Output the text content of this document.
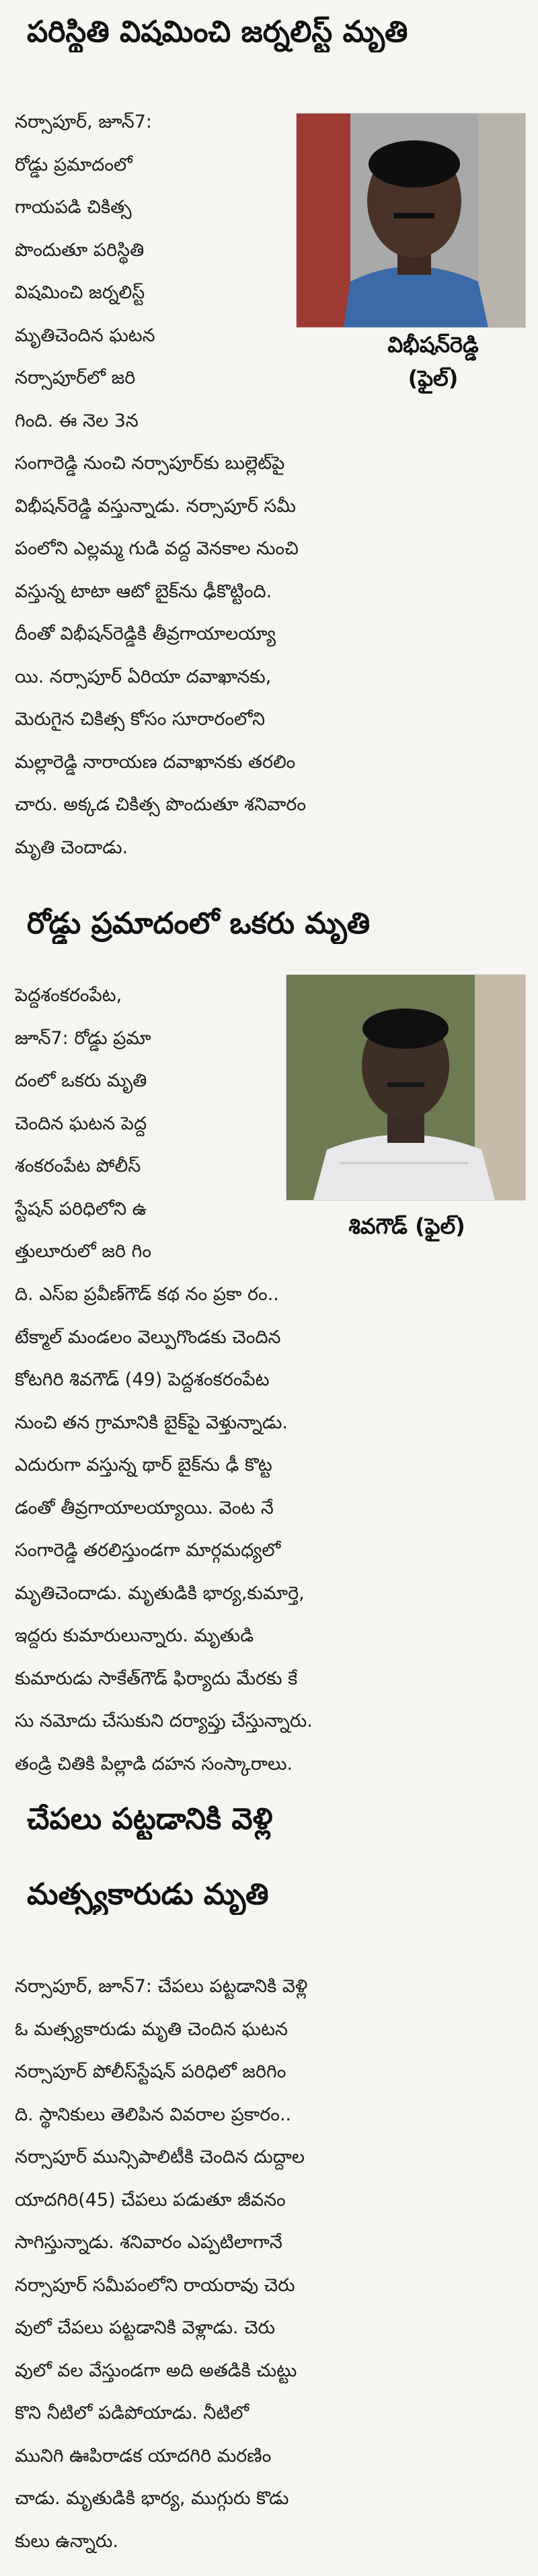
పరిస్థితి విషమించి జర్నలిస్ట్ మృతి
విభీషన్‌రెడ్డి
(ఫైల్)
నర్సాపూర్, జూన్7:
రోడ్డు ప్రమాదంలో
గాయపడి చికిత్స
పొందుతూ పరిస్థితి
విషమించి జర్నలిస్ట్
మృతిచెందిన ఘటన
నర్సాపూర్‌లో జరి
గింది. ఈ నెల 3న
సంగారెడ్డి నుంచి నర్సాపూర్‌కు బుల్లెట్‌పై
విభీషన్‌రెడ్డి వస్తున్నాడు. నర్సాపూర్ సమీ
పంలోని ఎల్లమ్మ గుడి వద్ద వెనకాల నుంచి
వస్తున్న టాటా ఆటో బైక్‌ను ఢీకొట్టింది.
దీంతో విభీషన్‌రెడ్డికి తీవ్రగాయాలయ్యా
యి. నర్సాపూర్ ఏరియా దవాఖానకు,
మెరుగైన చికిత్స కోసం సూరారంలోని
మల్లారెడ్డి నారాయణ దవాఖానకు తరలిం
చారు. అక్కడ చికిత్స పొందుతూ శనివారం
మృతి చెందాడు.
రోడ్డు ప్రమాదంలో ఒకరు మృతి
శివగౌడ్ (ఫైల్)
పెద్దశంకరంపేట,
జూన్7: రోడ్డు ప్రమా
దంలో ఒకరు మృతి
చెందిన ఘటన పెద్ద
శంకరంపేట పోలీస్
స్టేషన్ పరిధిలోని ఉ
త్తులూరులో జరి గిం
ది. ఎస్ఐ ప్రవీణ్‌గౌడ్ కథ నం ప్రకా రం..
టేక్మాల్ మండలం వెల్పుగొండకు చెందిన
కోటగిరి శివగౌడ్ (49) పెద్దశంకరంపేట
నుంచి తన గ్రామానికి బైక్‌పై వెళ్తున్నాడు.
ఎదురుగా వస్తున్న థార్ బైక్‌ను ఢీ కొట్ట
డంతో తీవ్రగాయాలయ్యాయి. వెంట నే
సంగారెడ్డి తరలిస్తుండగా మార్గమధ్యలో
మృతిచెందాడు. మృతుడికి భార్య,కుమార్తె,
ఇద్దరు కుమారులున్నారు. మృతుడి
కుమారుడు సాకేత్‌గౌడ్ ఫిర్యాదు మేరకు కే
సు నమోదు చేసుకుని దర్యాప్తు చేస్తున్నారు.
తండ్రి చితికి పిల్లాడి దహన సంస్కారాలు.
చేపలు పట్టడానికి వెళ్లి
మత్స్యకారుడు మృతి
నర్సాపూర్, జూన్7: చేపలు పట్టడానికి వెళ్లి
ఓ మత్స్యకారుడు మృతి చెందిన ఘటన
నర్సాపూర్ పోలీస్‌స్టేషన్ పరిధిలో జరిగిం
ది. స్థానికులు తెలిపిన వివరాల ప్రకారం..
నర్సాపూర్ మున్సిపాలిటీకి చెందిన దుద్దాల
యాదగిరి(45) చేపలు పడుతూ జీవనం
సాగిస్తున్నాడు. శనివారం ఎప్పటిలాగానే
నర్సాపూర్ సమీపంలోని రాయరావు చెరు
వులో చేపలు పట్టడానికి వెళ్లాడు. చెరు
వులో వల వేస్తుండగా అది అతడికి చుట్టు
కొని నీటిలో పడిపోయాడు. నీటిలో
మునిగి ఊపిరాడక యాదగిరి మరణిం
చాడు. మృతుడికి భార్య, ముగ్గురు కొడు
కులు ఉన్నారు.
